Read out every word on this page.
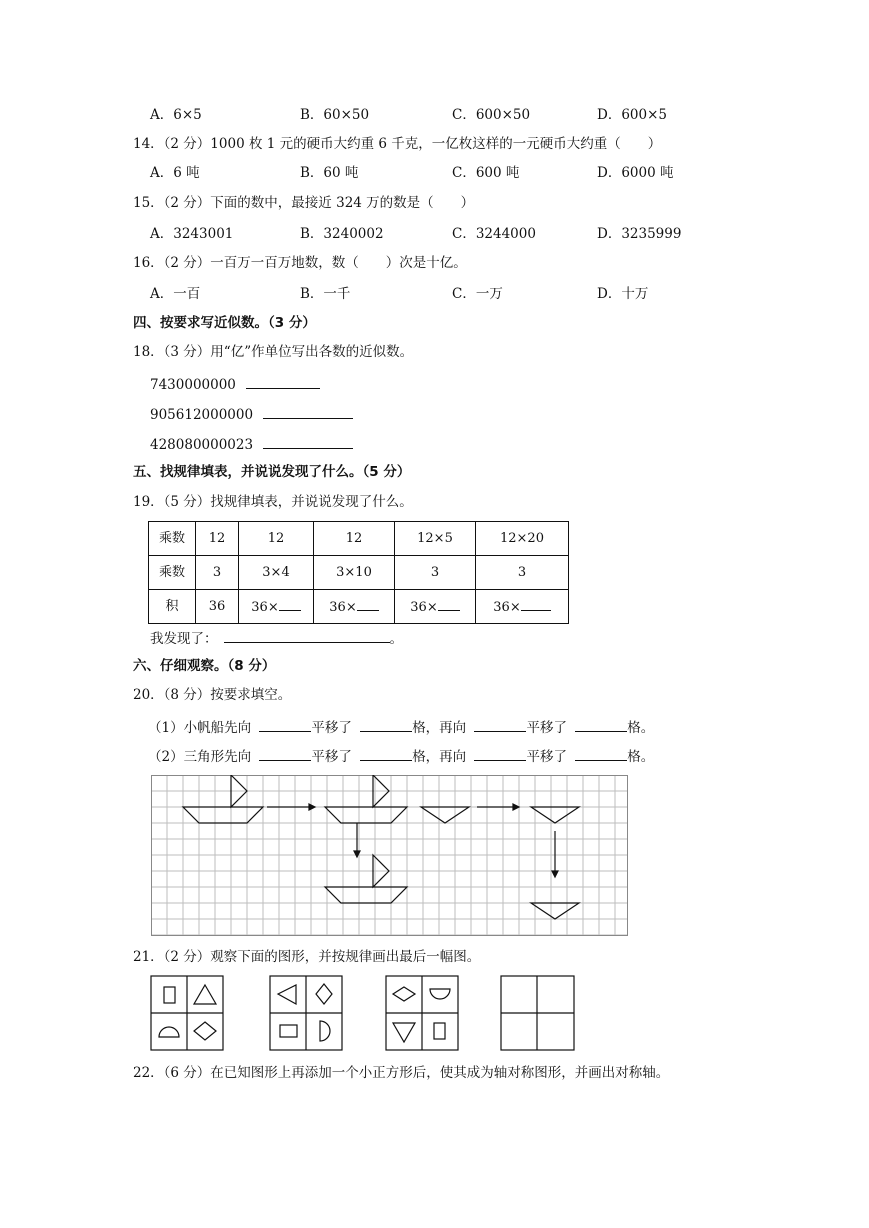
A．6×5	B．60×50	C．600×50	D．600×5
14．（2 分）1000 枚 1 元的硬币大约重 6 千克，一亿枚这样的一元硬币大约重（　　）
A．6 吨	B．60 吨	C．600 吨	D．6000 吨
15．（2 分）下面的数中，最接近 324 万的数是（　　）
A．3243001	B．3240002	C．3244000	D．3235999
16．（2 分）一百万一百万地数，数（　　）次是十亿。
A．一百	B．一千	C．一万	D．十万
四、按要求写近似数。（3 分）
18．（3 分）用“亿”作单位写出各数的近似数。
7430000000
905612000000
428080000023
五、找规律填表，并说说发现了什么。（5 分）
19．（5 分）找规律填表，并说说发现了什么。
乘数	12	12	12	12×5	12×20
乘数	3	3×4	3×10	3	3
积	36	36×	36×	36×	36×
我发现了：	。
六、仔细观察。（8 分）
20．（8 分）按要求填空。
（1）小帆船先向	平移了	格，再向	平移了	格。
（2）三角形先向	平移了	格，再向	平移了	格。
21．（2 分）观察下面的图形，并按规律画出最后一幅图。
22．（6 分）在已知图形上再添加一个小正方形后，使其成为轴对称图形，并画出对称轴。
